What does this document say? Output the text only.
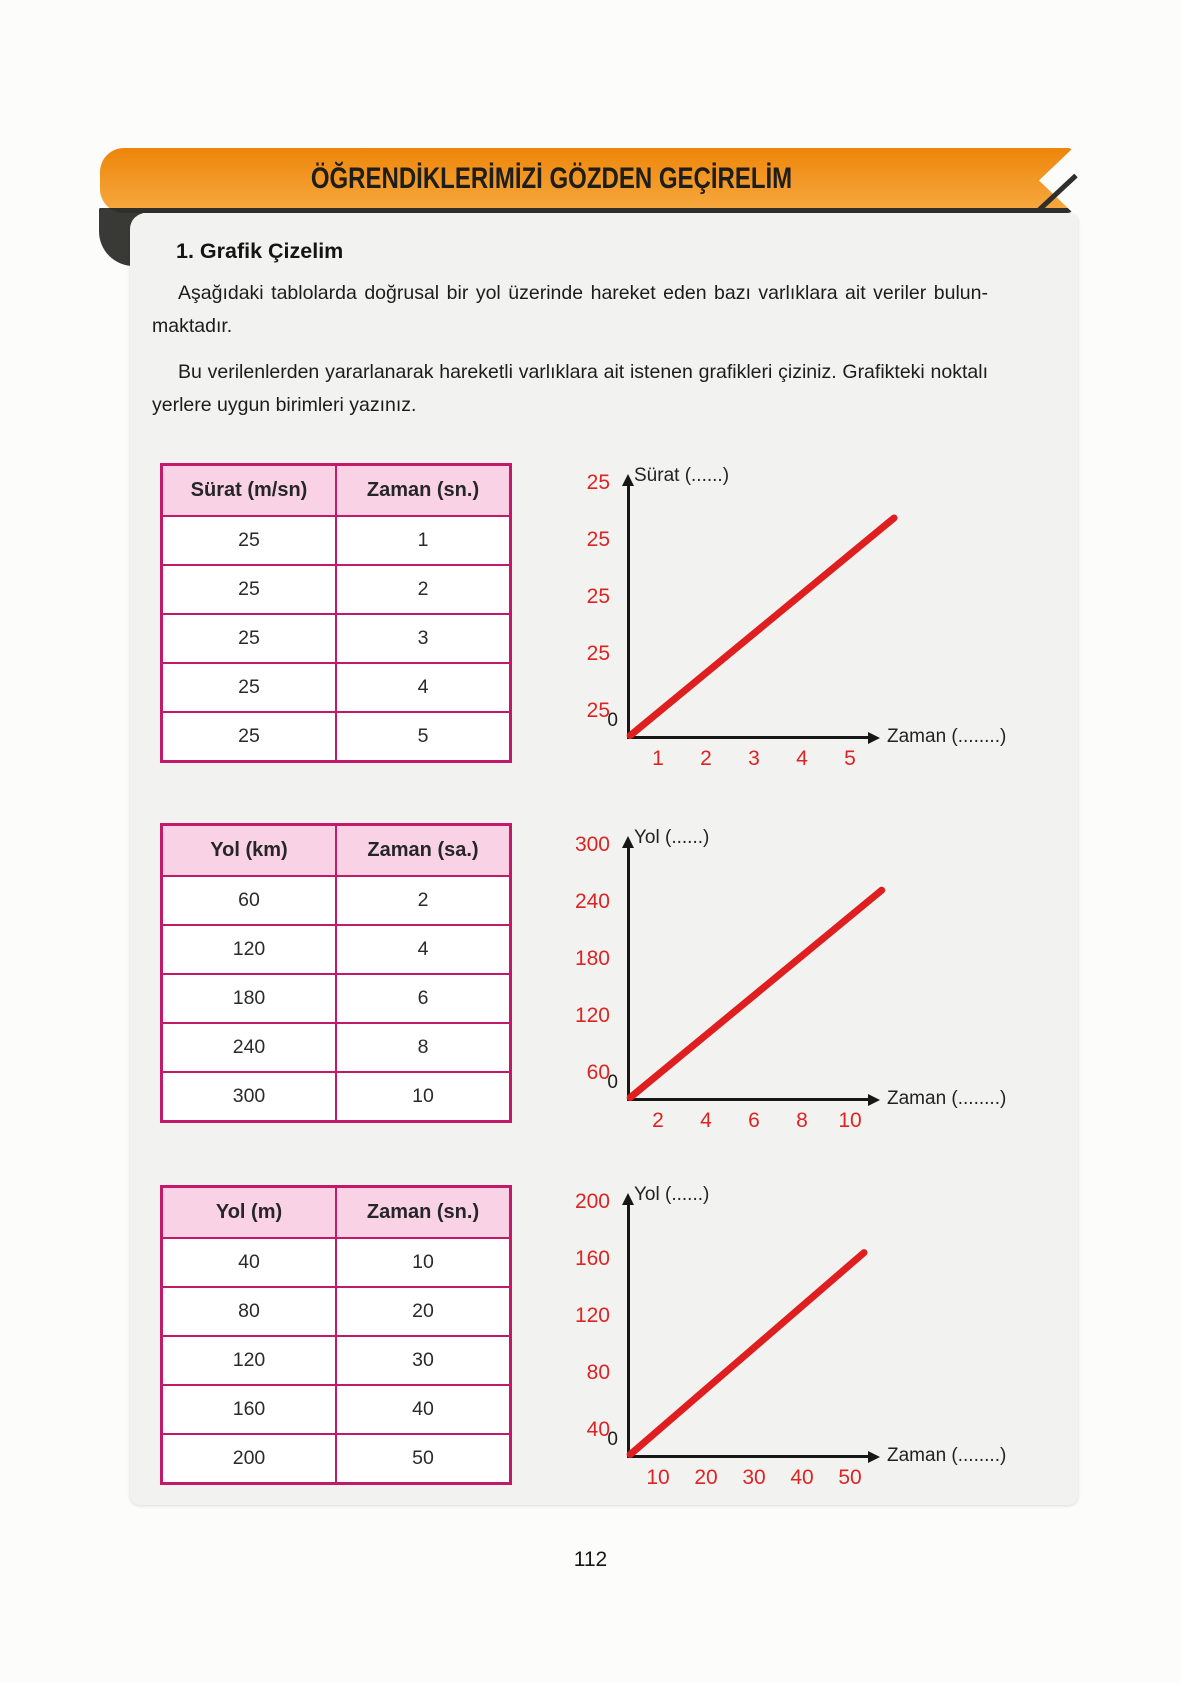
ÖĞRENDİKLERİMİZİ GÖZDEN GEÇİRELİM
1. Grafik Çizelim

Aşağıdaki tablolarda doğrusal bir yol üzerinde hareket eden bazı varlıklara ait veriler bulunmaktadır.

Bu verilenlerden yararlanarak hareketli varlıklara ait istenen grafikleri çiziniz. Grafikteki noktalı yerlere uygun birimleri yazınız.

Sürat (m/sn)	Zaman (sn.)
25	1
25	2
25	3
25	4
25	5
Sürat (......)
25
25
25
25
25
0
Zaman (........)
1	2	3	4	5
Yol (km)	Zaman (sa.)
60	2
120	4
180	6
240	8
300	10
Yol (......)
300
240
180
120
60
0
Zaman (........)
2	4	6	8	10
Yol (m)	Zaman (sn.)
40	10
80	20
120	30
160	40
200	50
Yol (......)
200
160
120
80
40
0
Zaman (........)
10 20 30 40 50
112
